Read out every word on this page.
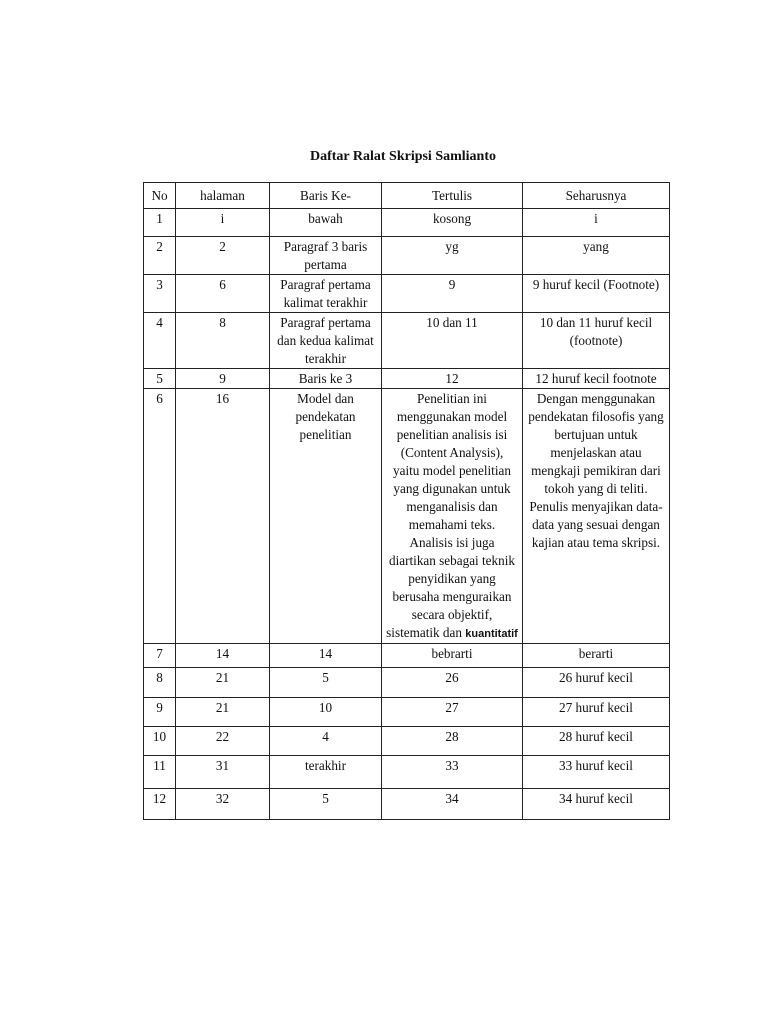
Daftar Ralat Skripsi Samlianto
No	halaman	Baris Ke-	Tertulis	Seharusnya
1	i	bawah	kosong	i
2	2	Paragraf 3 baris pertama	yg	yang
3	6	Paragraf pertama kalimat terakhir	9	9 huruf kecil (Footnote)
4	8	Paragraf pertama dan kedua kalimat terakhir	10 dan 11	10 dan 11 huruf kecil (footnote)
5	9	Baris ke 3	12	12 huruf kecil footnote
6	16	Model dan pendekatan penelitian	Penelitian ini menggunakan model penelitian analisis isi (Content Analysis), yaitu model penelitian yang digunakan untuk menganalisis dan memahami teks. Analisis isi juga diartikan sebagai teknik penyidikan yang berusaha menguraikan secara objektif, sistematik dan kuantitatif	Dengan menggunakan pendekatan filosofis yang bertujuan untuk menjelaskan atau mengkaji pemikiran dari tokoh yang di teliti. Penulis menyajikan data-data yang sesuai dengan kajian atau tema skripsi.
7	14	14	bebrarti	berarti
8	21	5	26	26 huruf kecil
9	21	10	27	27 huruf kecil
10	22	4	28	28 huruf kecil
11	31	terakhir	33	33 huruf kecil
12	32	5	34	34 huruf kecil
